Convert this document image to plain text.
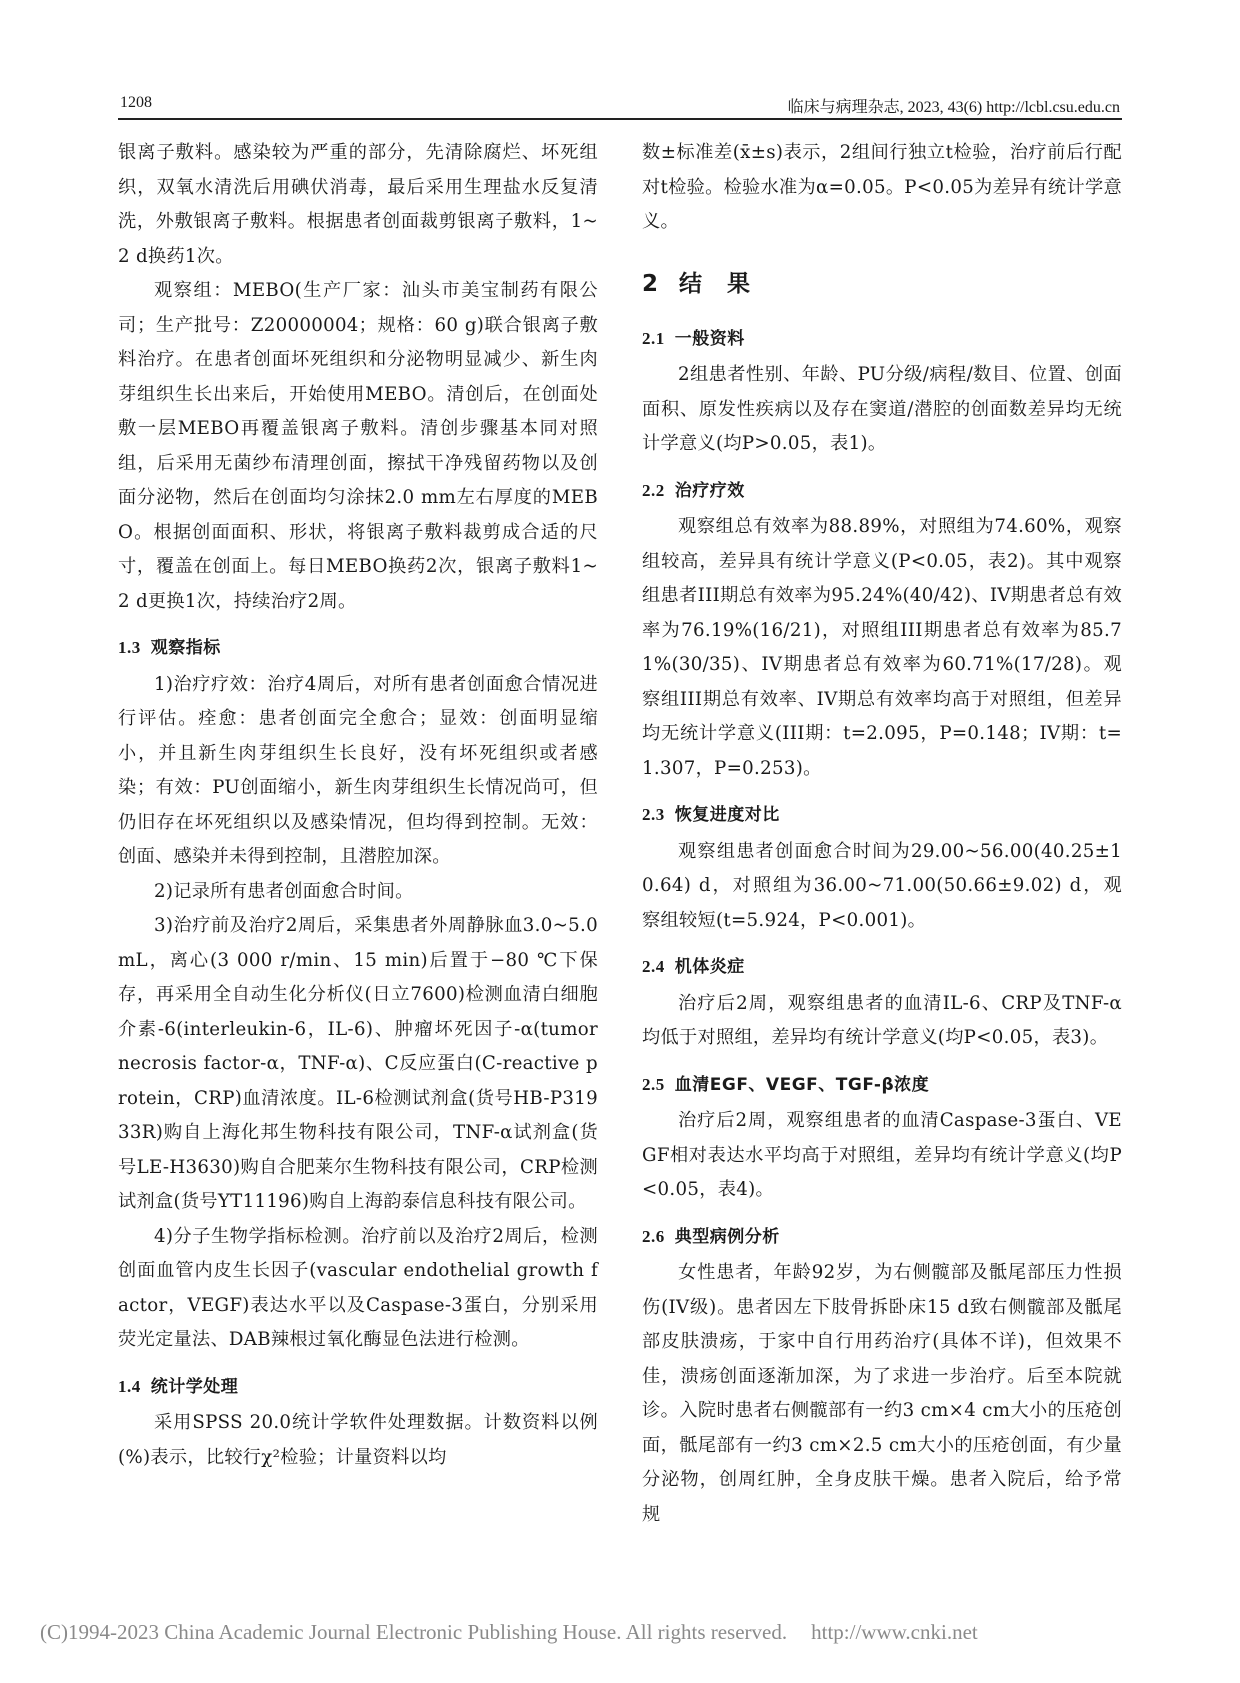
1208	临床与病理杂志, 2023, 43(6) http://lcbl.csu.edu.cn

银离子敷料。感染较为严重的部分，先清除腐烂、坏死组织，双氧水清洗后用碘伏消毒，最后采用生理盐水反复清洗，外敷银离子敷料。根据患者创面裁剪银离子敷料，1~2 d换药1次。

观察组：MEBO(生产厂家：汕头市美宝制药有限公司；生产批号：Z20000004；规格：60 g)联合银离子敷料治疗。在患者创面坏死组织和分泌物明显减少、新生肉芽组织生长出来后，开始使用MEBO。清创后，在创面处敷一层MEBO再覆盖银离子敷料。清创步骤基本同对照组，后采用无菌纱布清理创面，擦拭干净残留药物以及创面分泌物，然后在创面均匀涂抹2.0 mm左右厚度的MEBO。根据创面面积、形状，将银离子敷料裁剪成合适的尺寸，覆盖在创面上。每日MEBO换药2次，银离子敷料1~2 d更换1次，持续治疗2周。

1.3 观察指标

1)治疗疗效：治疗4周后，对所有患者创面愈合情况进行评估。痊愈：患者创面完全愈合；显效：创面明显缩小，并且新生肉芽组织生长良好，没有坏死组织或者感染；有效：PU创面缩小，新生肉芽组织生长情况尚可，但仍旧存在坏死组织以及感染情况，但均得到控制。无效：创面、感染并未得到控制，且潜腔加深。

2)记录所有患者创面愈合时间。

3)治疗前及治疗2周后，采集患者外周静脉血3.0~5.0 mL，离心(3 000 r/min、15 min)后置于−80 ℃下保存，再采用全自动生化分析仪(日立7600)检测血清白细胞介素-6(interleukin-6，IL-6)、肿瘤坏死因子-α(tumor necrosis factor-α，TNF-α)、C反应蛋白(C-reactive protein，CRP)血清浓度。IL-6检测试剂盒(货号HB-P31933R)购自上海化邦生物科技有限公司，TNF-α试剂盒(货号LE-H3630)购自合肥莱尔生物科技有限公司，CRP检测试剂盒(货号YT11196)购自上海韵泰信息科技有限公司。

4)分子生物学指标检测。治疗前以及治疗2周后，检测创面血管内皮生长因子(vascular endothelial growth factor，VEGF)表达水平以及Caspase-3蛋白，分别采用荧光定量法、DAB辣根过氧化酶显色法进行检测。

1.4 统计学处理

采用SPSS 20.0统计学软件处理数据。计数资料以例(%)表示，比较行χ²检验；计量资料以均

数±标准差(x̄±s)表示，2组间行独立t检验，治疗前后行配对t检验。检验水准为α=0.05。P<0.05为差异有统计学意义。

2 结　果
2.1 一般资料

2组患者性别、年龄、PU分级/病程/数目、位置、创面面积、原发性疾病以及存在窦道/潜腔的创面数差异均无统计学意义(均P>0.05，表1)。

2.2 治疗疗效

观察组总有效率为88.89%，对照组为74.60%，观察组较高，差异具有统计学意义(P<0.05，表2)。其中观察组患者III期总有效率为95.24%(40/42)、IV期患者总有效率为76.19%(16/21)，对照组III期患者总有效率为85.71%(30/35)、IV期患者总有效率为60.71%(17/28)。观察组III期总有效率、IV期总有效率均高于对照组，但差异均无统计学意义(III期：t=2.095，P=0.148；IV期：t=1.307，P=0.253)。

2.3 恢复进度对比

观察组患者创面愈合时间为29.00~56.00(40.25±10.64) d，对照组为36.00~71.00(50.66±9.02) d，观察组较短(t=5.924，P<0.001)。

2.4 机体炎症

治疗后2周，观察组患者的血清IL-6、CRP及TNF-α均低于对照组，差异均有统计学意义(均P<0.05，表3)。

2.5 血清EGF、VEGF、TGF-β浓度

治疗后2周，观察组患者的血清Caspase-3蛋白、VEGF相对表达水平均高于对照组，差异均有统计学意义(均P<0.05，表4)。

2.6 典型病例分析

女性患者，年龄92岁，为右侧髋部及骶尾部压力性损伤(IV级)。患者因左下肢骨拆卧床15 d致右侧髋部及骶尾部皮肤溃疡，于家中自行用药治疗(具体不详)，但效果不佳，溃疡创面逐渐加深，为了求进一步治疗。后至本院就诊。入院时患者右侧髋部有一约3 cm×4 cm大小的压疮创面，骶尾部有一约3 cm×2.5 cm大小的压疮创面，有少量分泌物，创周红肿，全身皮肤干燥。患者入院后，给予常规

(C)1994-2023 China Academic Journal Electronic Publishing House. All rights reserved. http://www.cnki.net
